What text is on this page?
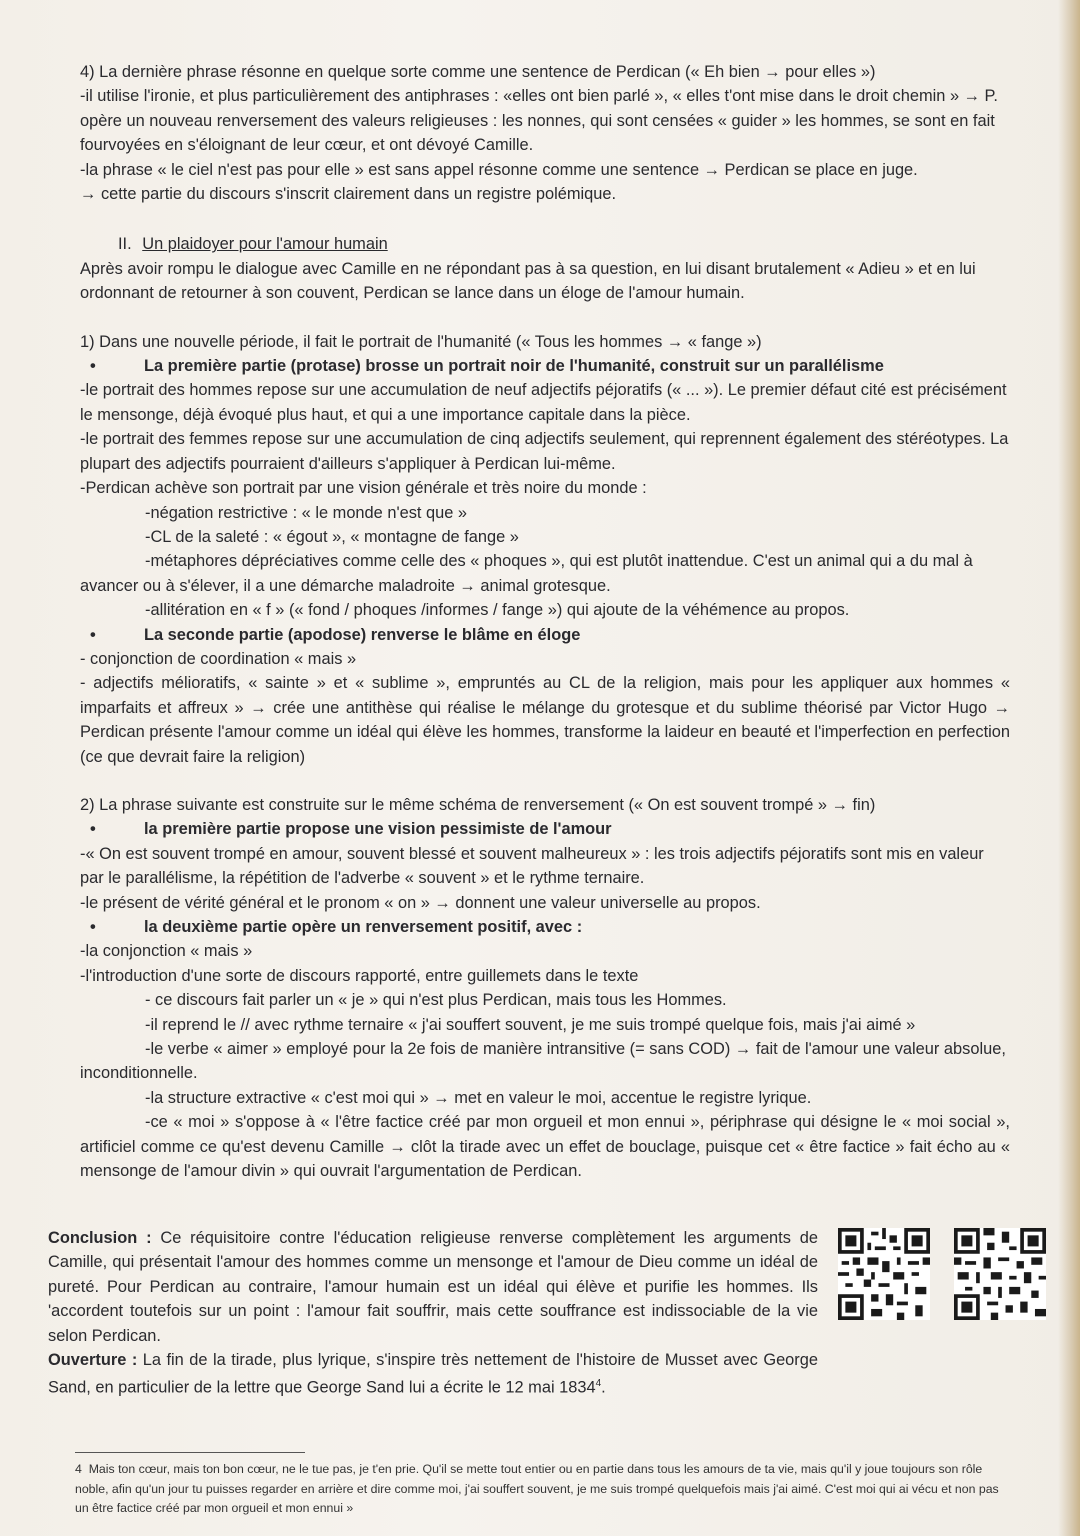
4) La dernière phrase résonne en quelque sorte comme une sentence de Perdican (« Eh bien → pour elles »)

-il utilise l'ironie, et plus particulièrement des antiphrases : «elles ont bien parlé », « elles t'ont mise dans le droit chemin » → P. opère un nouveau renversement des valeurs religieuses : les nonnes, qui sont censées « guider » les hommes, se sont en fait fourvoyées en s'éloignant de leur cœur, et ont dévoyé Camille.

-la phrase « le ciel n'est pas pour elle » est sans appel résonne comme une sentence → Perdican se place en juge.

→ cette partie du discours s'inscrit clairement dans un registre polémique.

II. Un plaidoyer pour l'amour humain

Après avoir rompu le dialogue avec Camille en ne répondant pas à sa question, en lui disant brutalement « Adieu » et en lui ordonnant de retourner à son couvent, Perdican se lance dans un éloge de l'amour humain.

1) Dans une nouvelle période, il fait le portrait de l'humanité (« Tous les hommes → « fange »)

• La première partie (protase) brosse un portrait noir de l'humanité, construit sur un parallélisme

-le portrait des hommes repose sur une accumulation de neuf adjectifs péjoratifs (« ... »). Le premier défaut cité est précisément le mensonge, déjà évoqué plus haut, et qui a une importance capitale dans la pièce.

-le portrait des femmes repose sur une accumulation de cinq adjectifs seulement, qui reprennent également des stéréotypes. La plupart des adjectifs pourraient d'ailleurs s'appliquer à Perdican lui-même.

-Perdican achève son portrait par une vision générale et très noire du monde :

-négation restrictive : « le monde n'est que »

-CL de la saleté : « égout », « montagne de fange »

-métaphores dépréciatives comme celle des « phoques », qui est plutôt inattendue. C'est un animal qui a du mal à avancer ou à s'élever, il a une démarche maladroite → animal grotesque.

-allitération en « f » (« fond / phoques /informes / fange ») qui ajoute de la véhémence au propos.

• La seconde partie (apodose) renverse le blâme en éloge

- conjonction de coordination « mais »

- adjectifs mélioratifs, « sainte » et « sublime », empruntés au CL de la religion, mais pour les appliquer aux hommes « imparfaits et affreux » → crée une antithèse qui réalise le mélange du grotesque et du sublime théorisé par Victor Hugo → Perdican présente l'amour comme un idéal qui élève les hommes, transforme la laideur en beauté et l'imperfection en perfection (ce que devrait faire la religion)

2) La phrase suivante est construite sur le même schéma de renversement (« On est souvent trompé » → fin)

• la première partie propose une vision pessimiste de l'amour

-« On est souvent trompé en amour, souvent blessé et souvent malheureux » : les trois adjectifs péjoratifs sont mis en valeur par le parallélisme, la répétition de l'adverbe « souvent » et le rythme ternaire.

-le présent de vérité général et le pronom « on » → donnent une valeur universelle au propos.

• la deuxième partie opère un renversement positif, avec :

-la conjonction « mais »

-l'introduction d'une sorte de discours rapporté, entre guillemets dans le texte

- ce discours fait parler un « je » qui n'est plus Perdican, mais tous les Hommes.

-il reprend le // avec rythme ternaire « j'ai souffert souvent, je me suis trompé quelque fois, mais j'ai aimé »

-le verbe « aimer » employé pour la 2e fois de manière intransitive (= sans COD) → fait de l'amour une valeur absolue, inconditionnelle.

-la structure extractive « c'est moi qui » → met en valeur le moi, accentue le registre lyrique.

-ce « moi » s'oppose à « l'être factice créé par mon orgueil et mon ennui », périphrase qui désigne le « moi social », artificiel comme ce qu'est devenu Camille → clôt la tirade avec un effet de bouclage, puisque cet « être factice » fait écho au « mensonge de l'amour divin » qui ouvrait l'argumentation de Perdican.

Conclusion : Ce réquisitoire contre l'éducation religieuse renverse complètement les arguments de Camille, qui présentait l'amour des hommes comme un mensonge et l'amour de Dieu comme un idéal de pureté. Pour Perdican au contraire, l'amour humain est un idéal qui élève et purifie les hommes. Ils 'accordent toutefois sur un point : l'amour fait souffrir, mais cette souffrance est indissociable de la vie selon Perdican.

Ouverture : La fin de la tirade, plus lyrique, s'inspire très nettement de l'histoire de Musset avec George Sand, en particulier de la lettre que George Sand lui a écrite le 12 mai 1834$^4$.

4 Mais ton cœur, mais ton bon cœur, ne le tue pas, je t'en prie. Qu'il se mette tout entier ou en partie dans tous les amours de ta vie, mais qu'il y joue toujours son rôle noble, afin qu'un jour tu puisses regarder en arrière et dire comme moi, j'ai souffert souvent, je me suis trompé quelquefois mais j'ai aimé. C'est moi qui ai vécu et non pas un être factice créé par mon orgueil et mon ennui »
